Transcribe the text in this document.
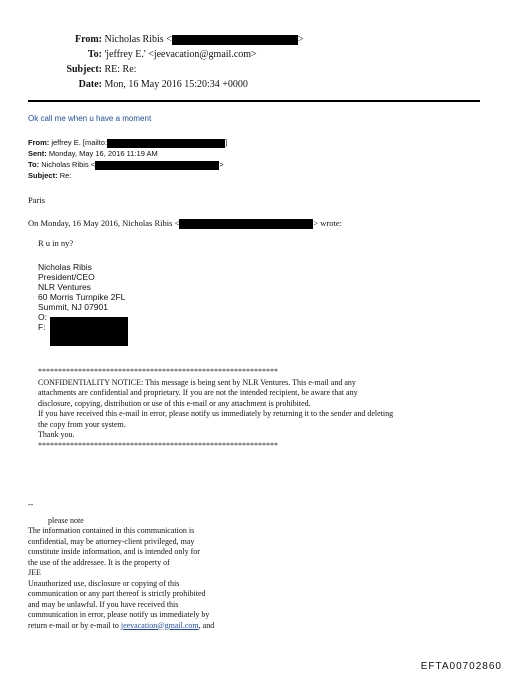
From: Nicholas Ribis <	>
To: 'jeffrey E.' <jeevacation@gmail.com>
Subject: RE: Re:
Date: Mon, 16 May 2016 15:20:34 +0000
Ok call me when u have a moment
From: jeffrey E. [mailto:	]
Sent: Monday, May 16, 2016 11:19 AM
To: Nicholas Ribis <	>
Subject: Re:
Paris
On Monday, 16 May 2016, Nicholas Ribis <	> wrote:
R u in ny?
Nicholas Ribis
President/CEO
NLR Ventures
60 Morris Turnpike 2FL
Summit, NJ 07901
O:
F:
************************************************************
CONFIDENTIALITY NOTICE: This message is being sent by NLR Ventures. This e-mail and any
attachments are confidential and proprietary. If you are not the intended recipient, be aware that any
disclosure, copying, distribution or use of this e-mail or any attachment is prohibited.
If you have received this e-mail in error, please notify us immediately by returning it to the sender and deleting
the copy from your system.
Thank you.
************************************************************
--
please note
The information contained in this communication is
confidential, may be attorney-client privileged, may
constitute inside information, and is intended only for
the use of the addressee. It is the property of
JEE
Unauthorized use, disclosure or copying of this
communication or any part thereof is strictly prohibited
and may be unlawful. If you have received this
communication in error, please notify us immediately by
return e-mail or by e-mail to jeevacation@gmail.com, and
EFTA00702860
